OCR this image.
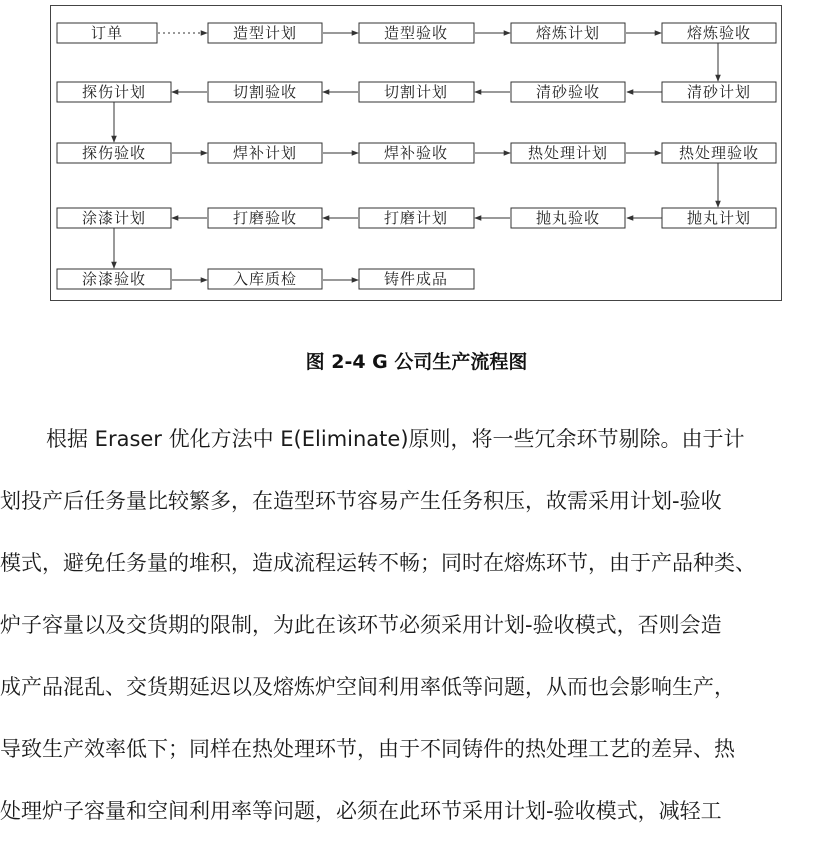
订单	造型计划	造型验收	熔炼计划	熔炼验收
探伤计划	切割验收	切割计划	清砂验收	清砂计划
探伤验收	焊补计划	焊补验收	热处理计划	热处理验收
涂漆计划	打磨验收	打磨计划	抛丸验收	抛丸计划
涂漆验收	入库质检	铸件成品
图 2-4 G 公司生产流程图
根据 Eraser 优化方法中 E(Eliminate)原则，将一些冗余环节剔除。由于计
划投产后任务量比较繁多，在造型环节容易产生任务积压，故需采用计划-验收
模式，避免任务量的堆积，造成流程运转不畅；同时在熔炼环节，由于产品种类、
炉子容量以及交货期的限制，为此在该环节必须采用计划-验收模式，否则会造
成产品混乱、交货期延迟以及熔炼炉空间利用率低等问题，从而也会影响生产，
导致生产效率低下；同样在热处理环节，由于不同铸件的热处理工艺的差异、热
处理炉子容量和空间利用率等问题，必须在此环节采用计划-验收模式，减轻工
